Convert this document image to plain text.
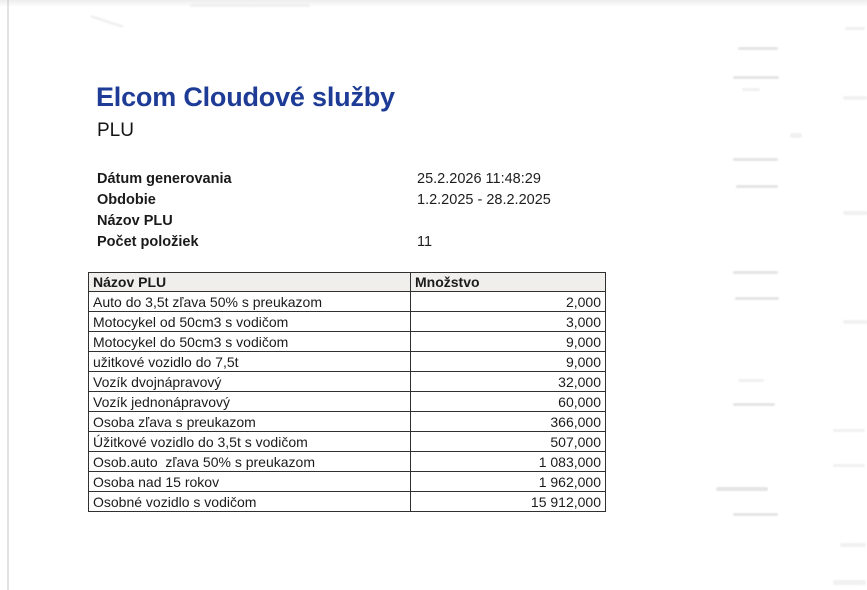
Elcom Cloudové služby
PLU
Dátum generovania	25.2.2026 11:48:29
Obdobie	1.2.2025 - 28.2.2025
Názov PLU
Počet položiek	11
Názov PLU	Množstvo
Auto do 3,5t zľava 50% s preukazom	2,000
Motocykel od 50cm3 s vodičom	3,000
Motocykel do 50cm3 s vodičom	9,000
užitkové vozidlo do 7,5t	9,000
Vozík dvojnápravový	32,000
Vozík jednonápravový	60,000
Osoba zľava s preukazom	366,000
Úžitkové vozidlo do 3,5t s vodičom	507,000
Osob.auto  zľava 50% s preukazom	1 083,000
Osoba nad 15 rokov	1 962,000
Osobné vozidlo s vodičom	15 912,000
